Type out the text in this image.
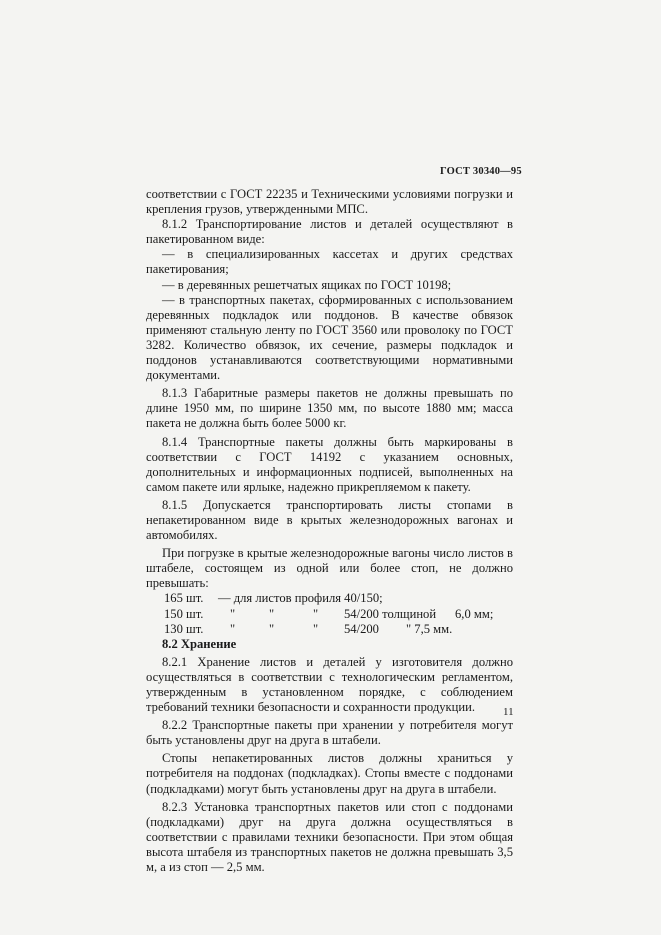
ГОСТ 30340—95

соответствии с ГОСТ 22235 и Техническими условиями погрузки и крепления грузов, утвержденными МПС.

8.1.2 Транспортирование листов и деталей осуществляют в пакетированном виде:

— в специализированных кассетах и других средствах пакетирования;

— в деревянных решетчатых ящиках по ГОСТ 10198;

— в транспортных пакетах, сформированных с использованием деревянных подкладок или поддонов. В качестве обвязок применяют стальную ленту по ГОСТ 3560 или проволоку по ГОСТ 3282. Количество обвязок, их сечение, размеры подкладок и поддонов устанавливаются соответствующими нормативными документами.

8.1.3 Габаритные размеры пакетов не должны превышать по длине 1950 мм, по ширине 1350 мм, по высоте 1880 мм; масса пакета не должна быть более 5000 кг.

8.1.4 Транспортные пакеты должны быть маркированы в соответствии с ГОСТ 14192 с указанием основных, дополнительных и информационных подписей, выполненных на самом пакете или ярлыке, надежно прикрепляемом к пакету.

8.1.5 Допускается транспортировать листы стопами в непакетированном виде в крытых железнодорожных вагонах и автомобилях.

При погрузке в крытые железнодорожные вагоны число листов в штабеле, состоящем из одной или более стоп, не должно превышать:

165 шт. — для листов профиля 40/150;
150 шт. "	"	" 54/200 толщиной 6,0 мм;
130 шт. "	"	" 54/200 " 7,5 мм.

8.2 Хранение

8.2.1 Хранение листов и деталей у изготовителя должно осуществляться в соответствии с технологическим регламентом, утвержденным в установленном порядке, с соблюдением требований техники безопасности и сохранности продукции.

8.2.2 Транспортные пакеты при хранении у потребителя могут быть установлены друг на друга в штабели.

Стопы непакетированных листов должны храниться у потребителя на поддонах (подкладках). Стопы вместе с поддонами (подкладками) могут быть установлены друг на друга в штабели.

8.2.3 Установка транспортных пакетов или стоп с поддонами (подкладками) друг на друга должна осуществляться в соответствии с правилами техники безопасности. При этом общая высота штабеля из транспортных пакетов не должна превышать 3,5 м, а из стоп — 2,5 мм.

11
